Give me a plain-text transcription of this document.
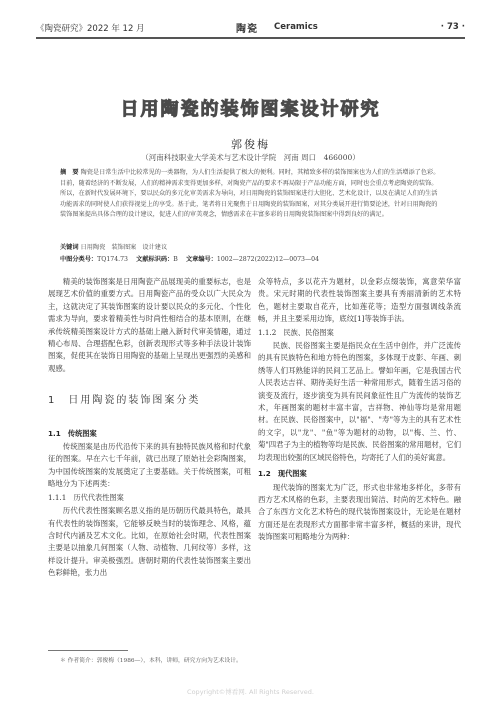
《陶瓷研究》2022 年 12 月	陶瓷 Ceramics	· 73 ·
日用陶瓷的装饰图案设计研究
郭俊梅
（河南科技职业大学美术与艺术设计学院　河南 周口　466000）
摘　要 陶瓷是日常生活中比较常见的一类器物，为人们生活提供了极大的便利。同时，其精致多样的装饰图案也为人们的生活增添了色彩。目前，随着经济的不断发展，人们的精神需求变得更加多样，对陶瓷产品的要求不再局限于产品功能方面，同时也会重点考虑陶瓷的装饰。所以，在新时代发展环境下，要以民众的多元化审美需求为导向，对日用陶瓷的装饰图案进行大胆化、艺术化设计，以及在满足人们的生活功能需求的同时使人们获得视觉上的享受。基于此，笔者将日光聚焦于日用陶瓷的装饰图案，对其分类展开进行简要论述，针对日用陶瓷的装饰图案提出具体合理的设计建议，促进人们的审美观念，情感需求在丰富多彩的日用陶瓷装饰图案中得到良好的满足。
关键词 日用陶瓷　装饰图案　设计建议
中图分类号：TQ174.73　 文献标识码：B　 文章编号：1002—2872(2022)12—0073—04

精美的装饰图案是日用陶瓷产品展现美的重要标志，也是展现艺术价值的重要方式。日用陶瓷产品的受众以广大民众为主，这就决定了其装饰图案的设计要以民众的多元化、个性化需求为导向，要求着精美性与时尚性相结合的基本原则，在继承传统精美图案设计方式的基础上融入新时代审美情趣，通过精心布局、合理搭配色彩，创新表现形式等多种手法设计装饰图案，促使其在装饰日用陶瓷的基础上呈现出更强烈的美感和观感。

1　日用陶瓷的装饰图案分类
1.1　传统图案

传统图案是由历代沿传下来的具有独特民族风格和时代象征的图案。早在六七千年前，就已出现了原始社会彩陶图案，为中国传统图案的发展奠定了主要基础。关于传统图案，可粗略地分为下述两类：

1.1.1　历代代表性图案

历代代表性图案顾名思义指的是历朝历代最具特色，最具有代表性的装饰图案，它能够反映当时的装饰理念、风格，蕴含时代内涵及艺术文化。比如，在原始社会时期，代表性图案主要是以抽象几何图案（人物、动植物、几何纹等）多样，这样设计提升。审美极强烈。唐朝时期的代表性装饰图案主要出色彩鲜艳，张力出

众等特点，多以花卉为题材，以金彩点缀装饰，寓意荣华富贵。宋元时期的代表性装饰图案主要具有秀丽清新的艺术特色，题材主要取自花卉，比如莲花等；造型方面强调线条流畅，并且主要采用边饰，底纹[1]等装饰手法。

1.1.2　民族、民俗图案

民族、民俗图案主要是指民众在生活中创作，并广泛流传的具有民族特色和地方特色的图案，多体现于皮影、年画、刺绣等人们耳熟能详的民间工艺品上。譬如年画，它是我国古代人民表达吉祥、期待美好生活一种常用形式，随着生活习俗的演变及流行，逐步演变为具有民间象征性且广为流传的装饰艺术，年画图案的题材丰富丰富，吉祥物、神仙等均是常用题材。在民族、民俗图案中，以"福"、"寿"等为主的具有艺术性的文字，以"龙"、"鱼"等为题材的动物，以"梅、兰、竹、菊"四君子为主的植物等均是民族、民俗图案的常用题材，它们均表现出较强的区域民俗特色，均寄托了人们的美好寓意。

1.2　现代图案

现代装饰的图案尤为广泛，形式也非常地多样化，多带有西方艺术风格的色彩，主要表现出简洁、时尚的艺术特色。融合了东西方文化艺术特色的现代装饰图案设计，无论是在题材方面还是在表现形式方面都非常丰富多样，概括的来讲，现代装饰图案可粗略地分为两种：

＊ 作者简介：郭俊梅（1986—），本科，讲师，研究方向为艺术设计。
Copyright©博看网. All Rights Reserved.
